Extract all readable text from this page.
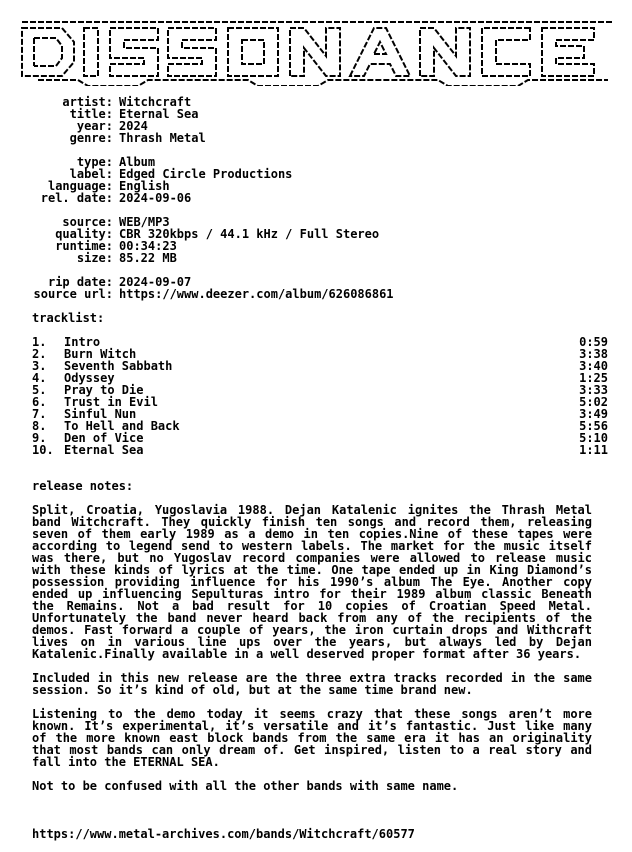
artist: Witchcraft
title: Eternal Sea
year: 2024
genre: Thrash Metal
type: Album
label: Edged Circle Productions
language: English
rel. date: 2024-09-06
source: WEB/MP3
quality: CBR 320kbps / 44.1 kHz / Full Stereo
runtime: 00:34:23
size: 85.22 MB
rip date: 2024-09-07
source url: https://www.deezer.com/album/626086861
tracklist:
1.	Intro	0:59
2.	Burn Witch	3:38
3.	Seventh Sabbath	3:40
4.	Odyssey	1:25
5.	Pray to Die	3:33
6.	Trust in Evil	5:02
7.	Sinful Nun	3:49
8.	To Hell and Back	5:56
9.	Den of Vice	5:10
10. Eternal Sea	1:11
release notes:

Split, Croatia, Yugoslavia 1988. Dejan Katalenic ignites the Thrash Metal band Witchcraft. They quickly finish ten songs and record them, releasing seven of them early 1989 as a demo in ten copies.Nine of these tapes were according to legend send to western labels. The market for the music itself was there, but no Yugoslav record companies were allowed to release music with these kinds of lyrics at the time. One tape ended up in King Diamond’s possession providing influence for his 1990’s album The Eye. Another copy ended up influencing Sepulturas intro for their 1989 album classic Beneath the Remains. Not a bad result for 10 copies of Croatian Speed Metal. Unfortunately the band never heard back from any of the recipients of the demos. Fast forward a couple of years, the iron curtain drops and Withcraft lives on in various line ups over the years, but always led by Dejan Katalenic.Finally available in a well deserved proper format after 36 years.

Included in this new release are the three extra tracks recorded in the same session. So it’s kind of old, but at the same time brand new.

Listening to the demo today it seems crazy that these songs aren’t more known. It’s experimental, it’s versatile and it’s fantastic. Just like many of the more known east block bands from the same era it has an originality that most bands can only dream of. Get inspired, listen to a real story and fall into the ETERNAL SEA.

Not to be confused with all the other bands with same name.

https://www.metal-archives.com/bands/Witchcraft/60577
